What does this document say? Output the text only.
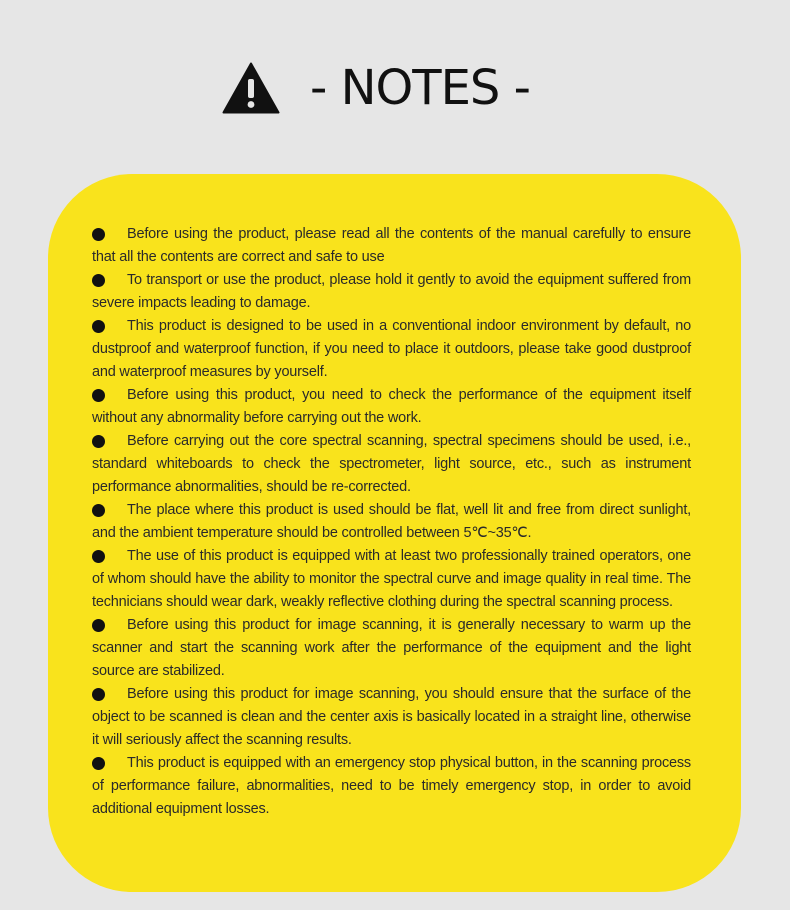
- NOTES -
Before using the product, please read all the contents of the manual carefully to ensure that all the contents are correct and safe to use
To transport or use the product, please hold it gently to avoid the equipment suffered from severe impacts leading to damage.
This product is designed to be used in a conventional indoor environment by default, no dustproof and waterproof function, if you need to place it outdoors, please take good dustproof and waterproof measures by yourself.
Before using this product, you need to check the performance of the equipment itself without any abnormality before carrying out the work.
Before carrying out the core spectral scanning, spectral specimens should be used, i.e., standard whiteboards to check the spectrometer, light source, etc., such as instrument performance abnormalities, should be re-corrected.
The place where this product is used should be flat, well lit and free from direct sunlight, and the ambient temperature should be controlled between 5℃~35℃.
The use of this product is equipped with at least two professionally trained operators, one of whom should have the ability to monitor the spectral curve and image quality in real time. The technicians should wear dark, weakly reflective clothing during the spectral scanning process.
Before using this product for image scanning, it is generally necessary to warm up the scanner and start the scanning work after the performance of the equipment and the light source are stabilized.
Before using this product for image scanning, you should ensure that the surface of the object to be scanned is clean and the center axis is basically located in a straight line, otherwise it will seriously affect the scanning results.
This product is equipped with an emergency stop physical button, in the scanning process of performance failure, abnormalities, need to be timely emergency stop, in order to avoid additional equipment losses.
